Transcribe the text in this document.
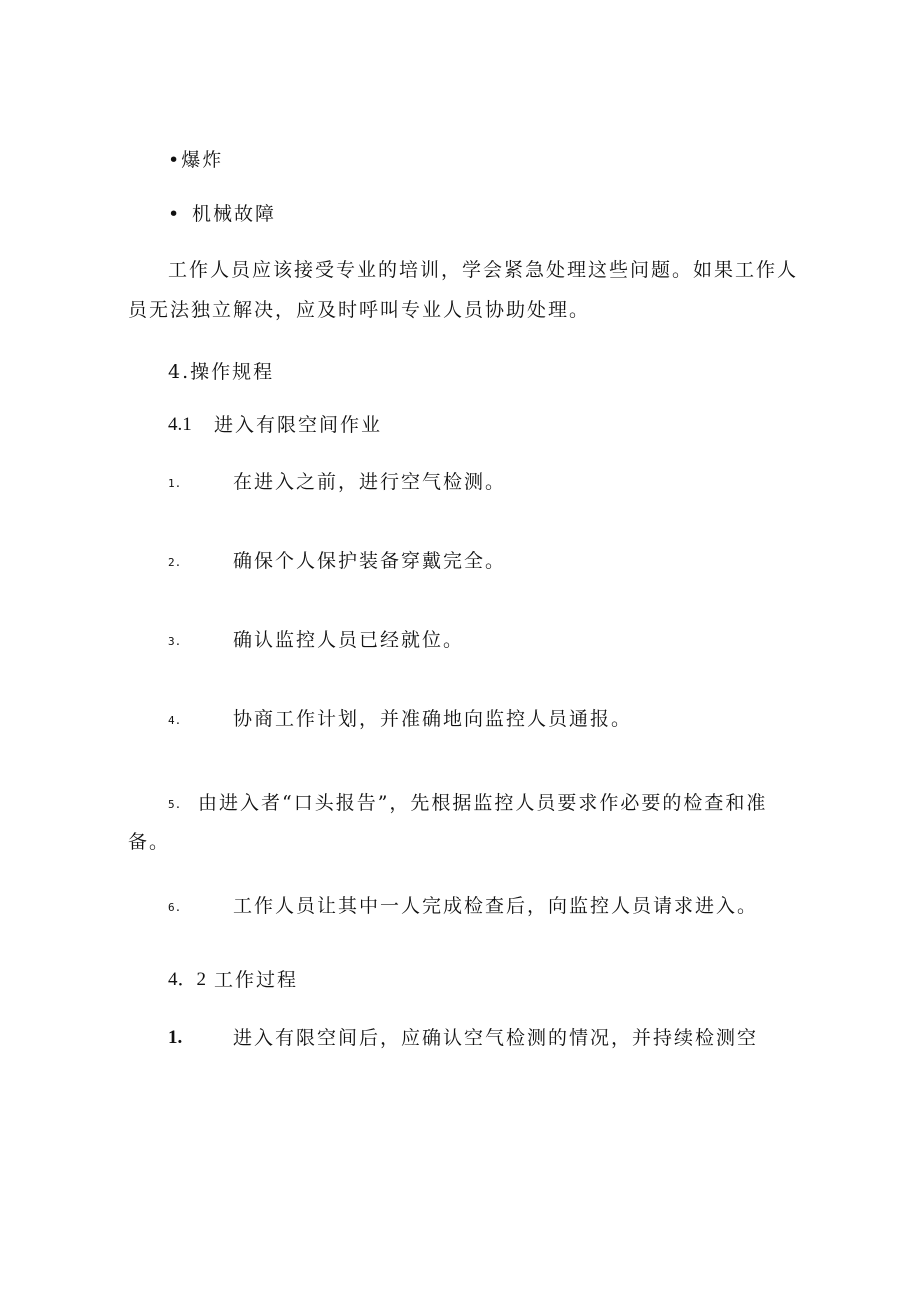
•爆炸
• 机械故障
工作人员应该接受专业的培训，学会紧急处理这些问题。如果工作人
员无法独立解决，应及时呼叫专业人员协助处理。
4.操作规程
4.1 进入有限空间作业
1.	在进入之前，进行空气检测。
2.	确保个人保护装备穿戴完全。
3.	确认监控人员已经就位。
4.	协商工作计划，并准确地向监控人员通报。
5. 由进入者“口头报告”，先根据监控人员要求作必要的检查和准
备。
6.	工作人员让其中一人完成检查后，向监控人员请求进入。
4．2 工作过程
1.	进入有限空间后，应确认空气检测的情况，并持续检测空
